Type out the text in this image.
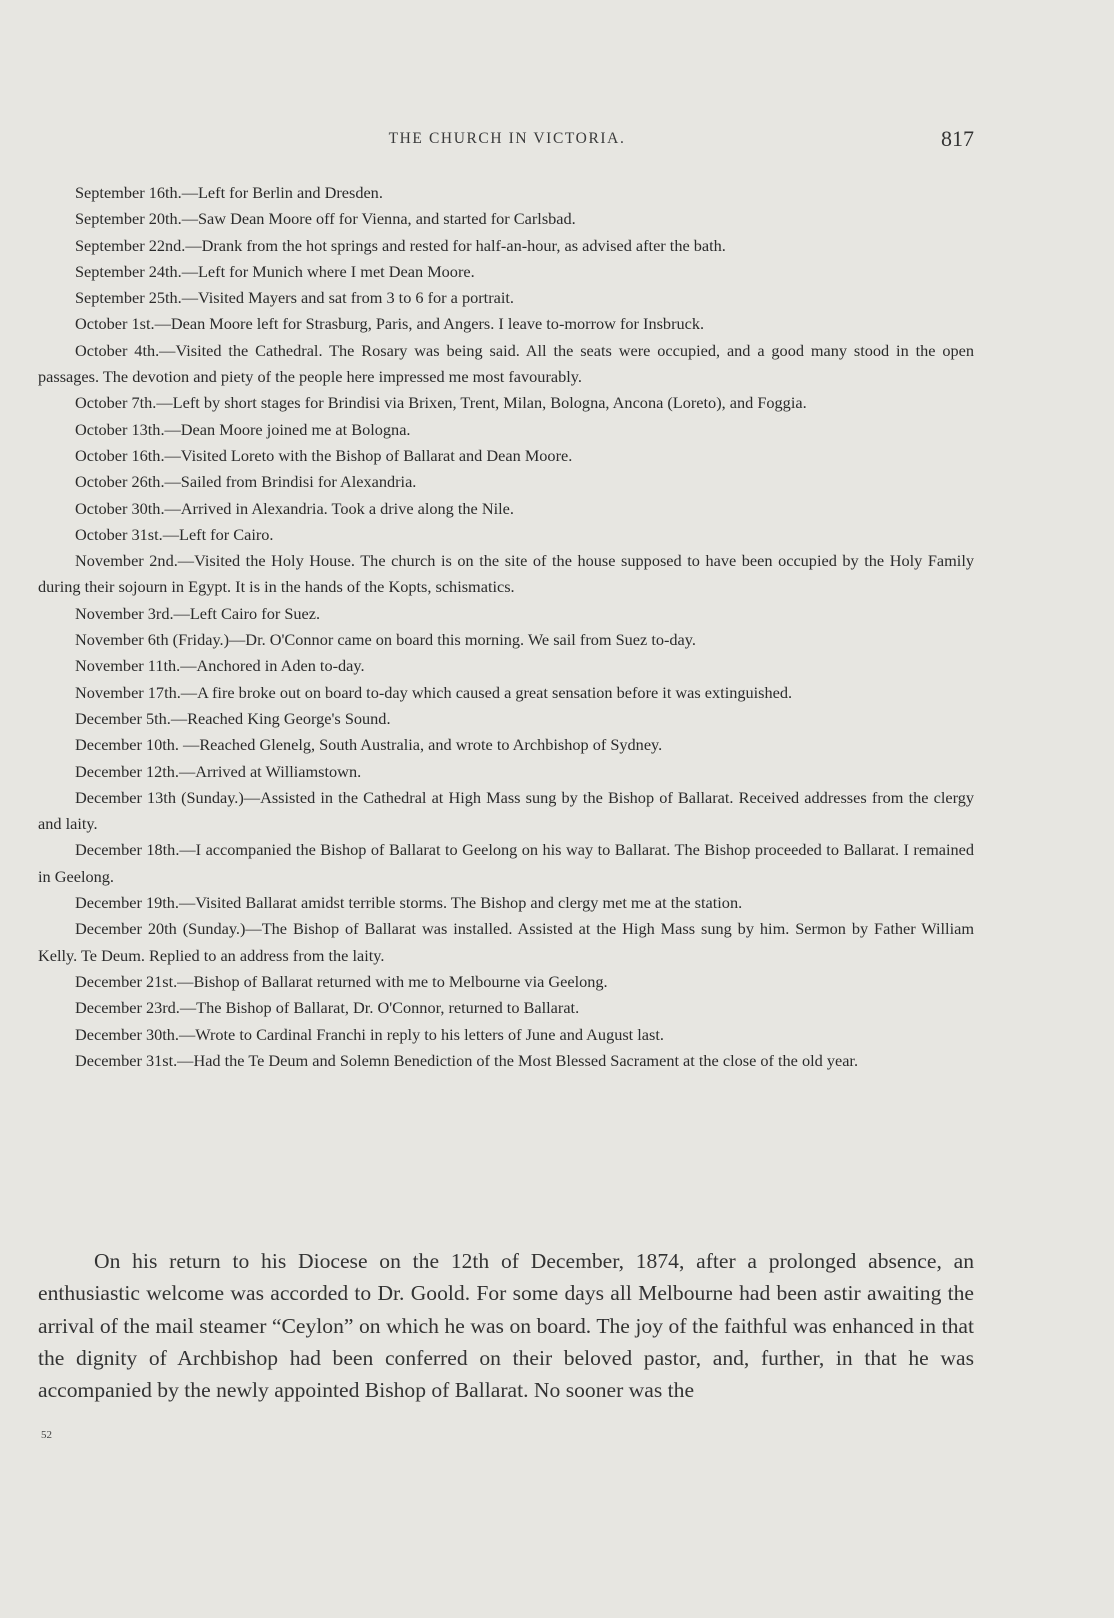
THE CHURCH IN VICTORIA.	817

September 16th.—Left for Berlin and Dresden.

September 20th.—Saw Dean Moore off for Vienna, and started for Carlsbad.

September 22nd.—Drank from the hot springs and rested for half-an-hour, as advised after the bath.

September 24th.—Left for Munich where I met Dean Moore.

September 25th.—Visited Mayers and sat from 3 to 6 for a portrait.

October 1st.—Dean Moore left for Strasburg, Paris, and Angers. I leave to-morrow for Insbruck.

October 4th.—Visited the Cathedral. The Rosary was being said. All the seats were occupied, and a good many stood in the open passages. The devotion and piety of the people here impressed me most favourably.

October 7th.—Left by short stages for Brindisi via Brixen, Trent, Milan, Bologna, Ancona (Loreto), and Foggia.

October 13th.—Dean Moore joined me at Bologna.

October 16th.—Visited Loreto with the Bishop of Ballarat and Dean Moore.

October 26th.—Sailed from Brindisi for Alexandria.

October 30th.—Arrived in Alexandria. Took a drive along the Nile.

October 31st.—Left for Cairo.

November 2nd.—Visited the Holy House. The church is on the site of the house supposed to have been occupied by the Holy Family during their sojourn in Egypt. It is in the hands of the Kopts, schismatics.

November 3rd.—Left Cairo for Suez.

November 6th (Friday.)—Dr. O'Connor came on board this morning. We sail from Suez to-day.

November 11th.—Anchored in Aden to-day.

November 17th.—A fire broke out on board to-day which caused a great sensation before it was extinguished.

December 5th.—Reached King George's Sound.

December 10th. —Reached Glenelg, South Australia, and wrote to Archbishop of Sydney.

December 12th.—Arrived at Williamstown.

December 13th (Sunday.)—Assisted in the Cathedral at High Mass sung by the Bishop of Ballarat. Received addresses from the clergy and laity.

December 18th.—I accompanied the Bishop of Ballarat to Geelong on his way to Ballarat. The Bishop proceeded to Ballarat. I remained in Geelong.

December 19th.—Visited Ballarat amidst terrible storms. The Bishop and clergy met me at the station.

December 20th (Sunday.)—The Bishop of Ballarat was installed. Assisted at the High Mass sung by him. Sermon by Father William Kelly. Te Deum. Replied to an address from the laity.

December 21st.—Bishop of Ballarat returned with me to Melbourne via Geelong.

December 23rd.—The Bishop of Ballarat, Dr. O'Connor, returned to Ballarat.

December 30th.—Wrote to Cardinal Franchi in reply to his letters of June and August last.

December 31st.—Had the Te Deum and Solemn Benediction of the Most Blessed Sacrament at the close of the old year.

On his return to his Diocese on the 12th of December, 1874, after a prolonged absence, an enthusiastic welcome was accorded to Dr. Goold. For some days all Melbourne had been astir awaiting the arrival of the mail steamer “Ceylon” on which he was on board. The joy of the faithful was enhanced in that the dignity of Archbishop had been conferred on their beloved pastor, and, further, in that he was accompanied by the newly appointed Bishop of Ballarat. No sooner was the

52
